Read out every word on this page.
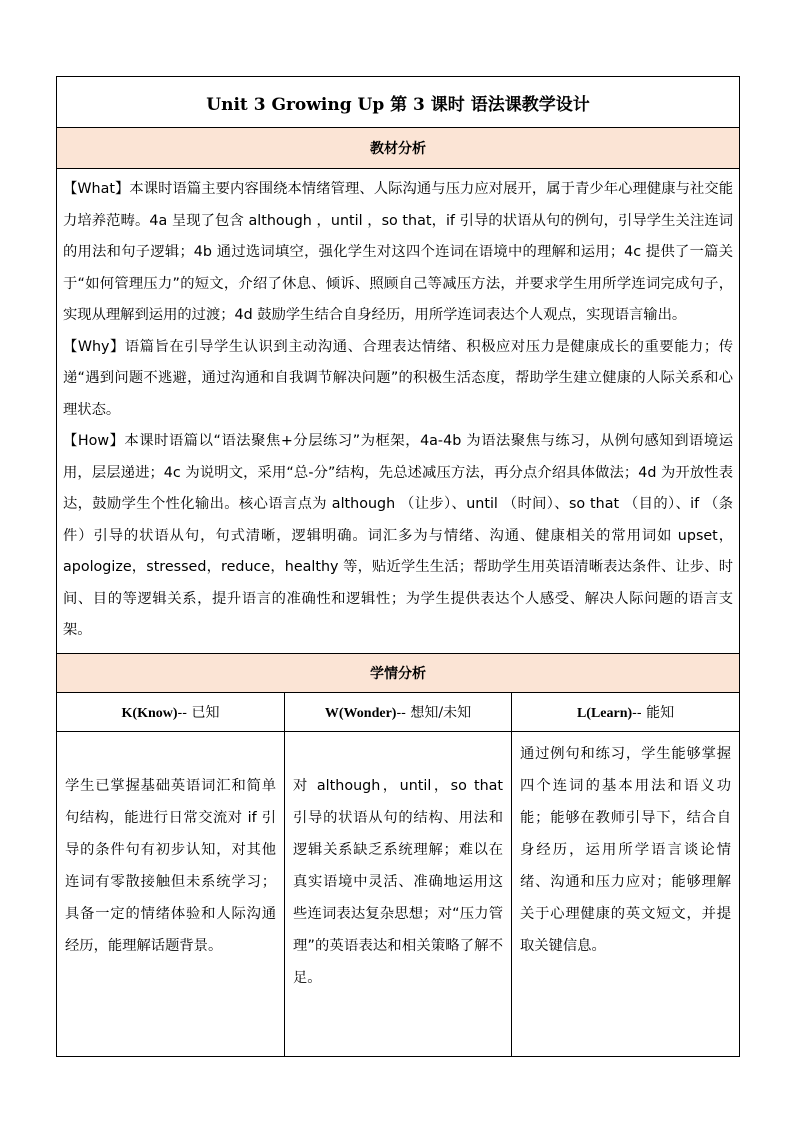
Unit 3 Growing Up 第 3 课时 语法课教学设计		
教材分析		

【What】本课时语篇主要内容围绕本情绪管理、人际沟通与压力应对展开，属于青少年心理健康与社交能力培养范畴。4a 呈现了包含 although ，until ，so that，if 引导的状语从句的例句，引导学生关注连词的用法和句子逻辑；4b 通过选词填空，强化学生对这四个连词在语境中的理解和运用；4c 提供了一篇关于“如何管理压力”的短文，介绍了休息、倾诉、照顾自己等减压方法，并要求学生用所学连词完成句子，实现从理解到运用的过渡；4d 鼓励学生结合自身经历，用所学连词表达个人观点，实现语言输出。

【Why】语篇旨在引导学生认识到主动沟通、合理表达情绪、积极应对压力是健康成长的重要能力；传递“遇到问题不逃避，通过沟通和自我调节解决问题”的积极生活态度，帮助学生建立健康的人际关系和心理状态。

【How】本课时语篇以“语法聚焦+分层练习”为框架，4a-4b 为语法聚焦与练习，从例句感知到语境运用，层层递进；4c 为说明文，采用“总-分”结构，先总述减压方法，再分点介绍具体做法；4d 为开放性表达，鼓励学生个性化输出。核心语言点为 although （让步）、until （时间）、so that （目的）、if （条件）引导的状语从句，句式清晰，逻辑明确。词汇多为与情绪、沟通、健康相关的常用词如 upset，apologize，stressed，reduce，healthy 等，贴近学生生活；帮助学生用英语清晰表达条件、让步、时间、目的等逻辑关系，提升语言的准确性和逻辑性；为学生提供表达个人感受、解决人际问题的语言支架。		

学情分析		
K(Know)-- 已知	W(Wonder)-- 想知/未知	L(Learn)-- 能知

学生已掌握基础英语词汇和简单句结构，能进行日常交流对 if 引导的条件句有初步认知，对其他连词有零散接触但未系统学习；具备一定的情绪体验和人际沟通经历，能理解话题背景。	对 although，until，so that 引导的状语从句的结构、用法和逻辑关系缺乏系统理解；难以在真实语境中灵活、准确地运用这些连词表达复杂思想；对“压力管理”的英语表达和相关策略了解不足。	通过例句和练习，学生能够掌握四个连词的基本用法和语义功能；能够在教师引导下，结合自身经历，运用所学语言谈论情绪、沟通和压力应对；能够理解关于心理健康的英文短文，并提取关键信息。
